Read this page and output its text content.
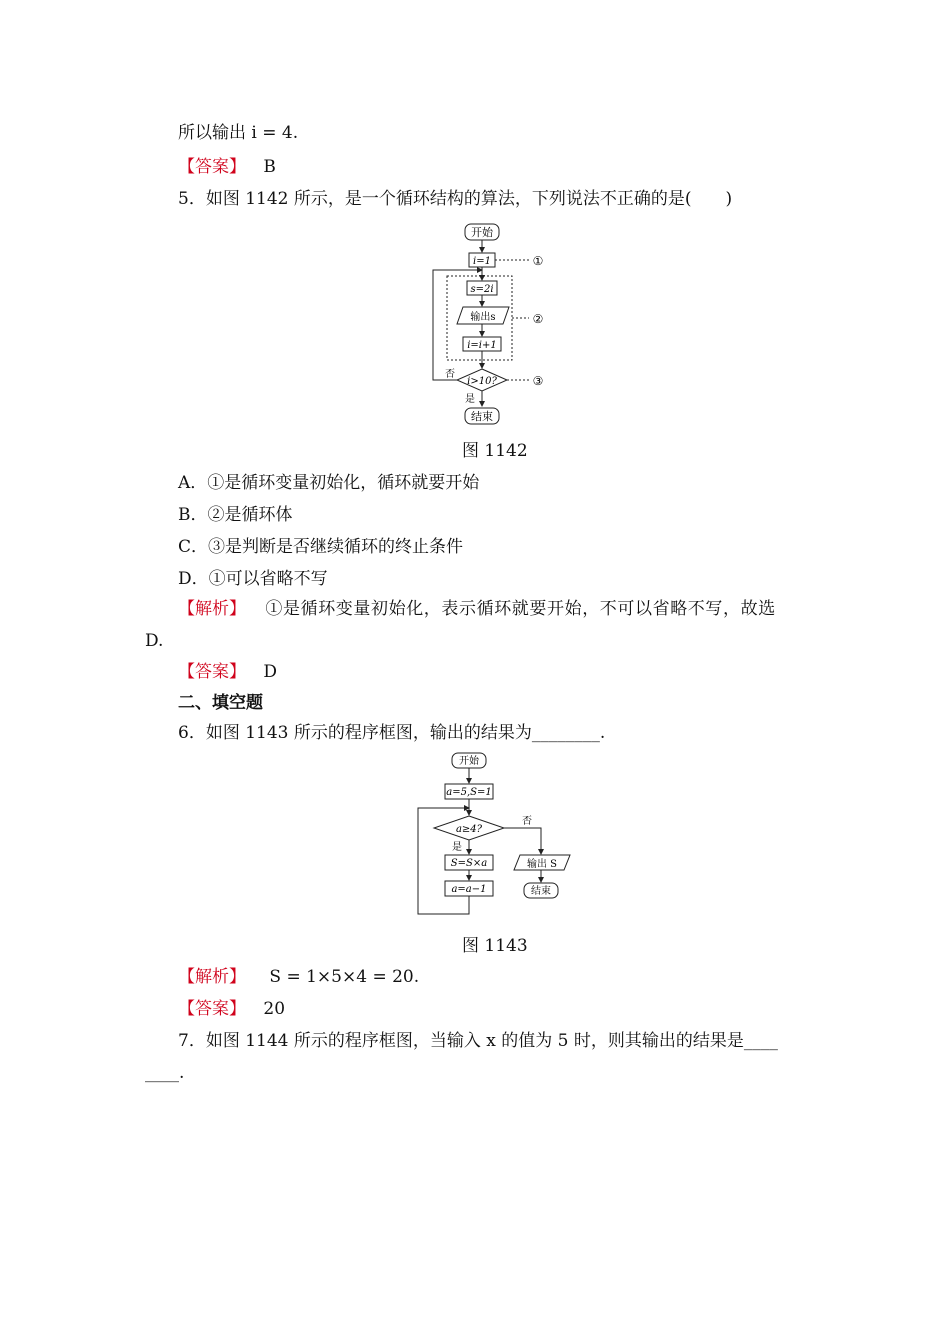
所以输出 i = 4.
【答案】 B
5．如图 1142 所示，是一个循环结构的算法，下列说法不正确的是(　　)
开始
i=1	①
s=2i
输出s	②
i=i+1
i>10?	③
否
是
结束
图 1142
A．①是循环变量初始化，循环就要开始
B．②是循环体
C．③是判断是否继续循环的终止条件
D．①可以省略不写
【解析】 ①是循环变量初始化，表示循环就要开始，不可以省略不写，故选
D.
【答案】 D
二、填空题
6．如图 1143 所示的程序框图，输出的结果为________.
开始
a=5,S=1
a≥4?
否
是
S=S×a
a=a−1
输出 S
结束
图 1143
【解析】 S = 1×5×4 = 20.
【答案】 20
7．如图 1144 所示的程序框图，当输入 x 的值为 5 时，则其输出的结果是____
____.
